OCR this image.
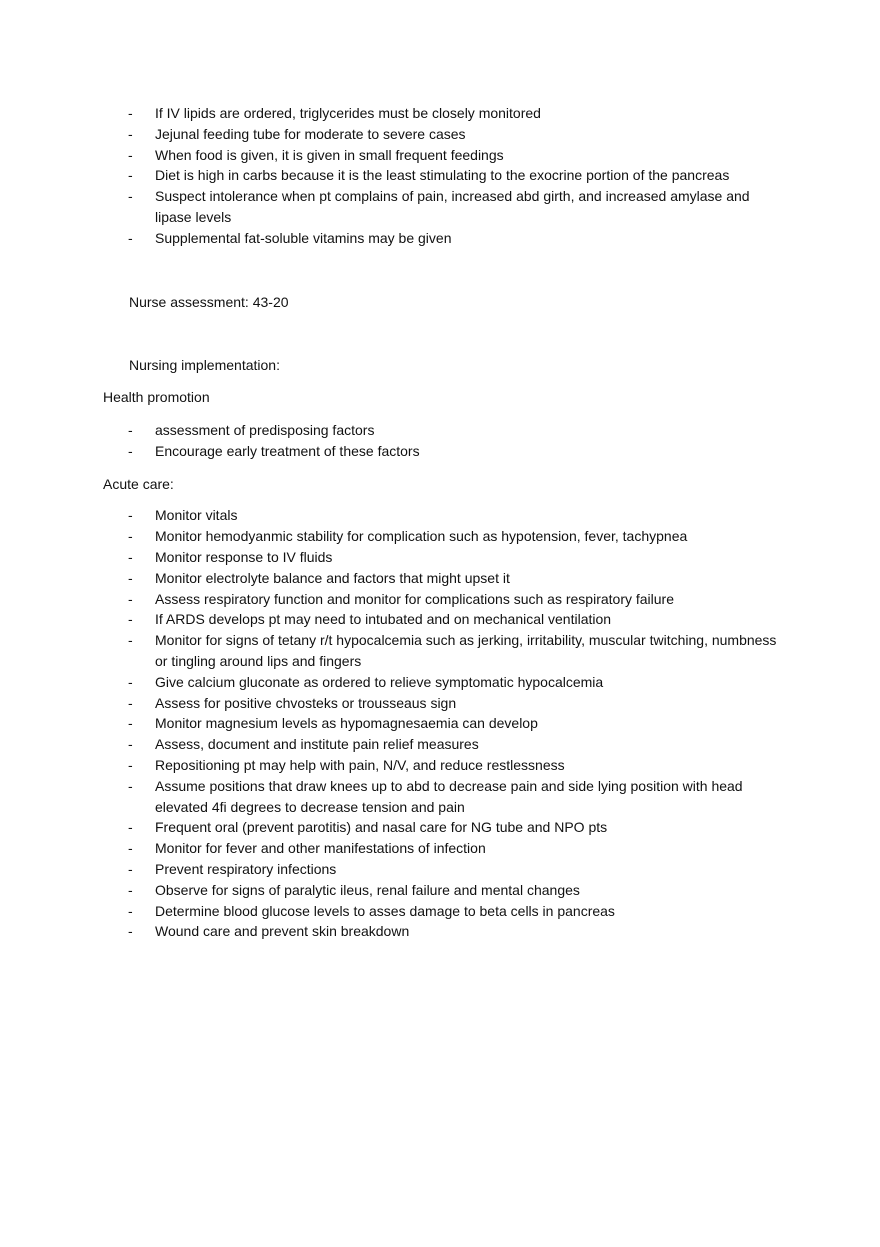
- If IV lipids are ordered, triglycerides must be closely monitored
- Jejunal feeding tube for moderate to severe cases
- When food is given, it is given in small frequent feedings
- Diet is high in carbs because it is the least stimulating to the exocrine portion of the pancreas
- Suspect intolerance when pt complains of pain, increased abd girth, and increased amylase and lipase levels
- Supplemental fat-soluble vitamins may be given
Nurse assessment: 43-20
Nursing implementation:
Health promotion
- assessment of predisposing factors
- Encourage early treatment of these factors
Acute care:
- Monitor vitals
- Monitor hemodyanmic stability for complication such as hypotension, fever, tachypnea
- Monitor response to IV fluids
- Monitor electrolyte balance and factors that might upset it
- Assess respiratory function and monitor for complications such as respiratory failure
- If ARDS develops pt may need to intubated and on mechanical ventilation
- Monitor for signs of tetany r/t hypocalcemia such as jerking, irritability, muscular twitching, numbness or tingling around lips and fingers
- Give calcium gluconate as ordered to relieve symptomatic hypocalcemia
- Assess for positive chvosteks or trousseaus sign
- Monitor magnesium levels as hypomagnesaemia can develop
- Assess, document and institute pain relief measures
- Repositioning pt may help with pain, N/V, and reduce restlessness
- Assume positions that draw knees up to abd to decrease pain and side lying position with head elevated 4fi degrees to decrease tension and pain
- Frequent oral (prevent parotitis) and nasal care for NG tube and NPO pts
- Monitor for fever and other manifestations of infection
- Prevent respiratory infections
- Observe for signs of paralytic ileus, renal failure and mental changes
- Determine blood glucose levels to asses damage to beta cells in pancreas
- Wound care and prevent skin breakdown
